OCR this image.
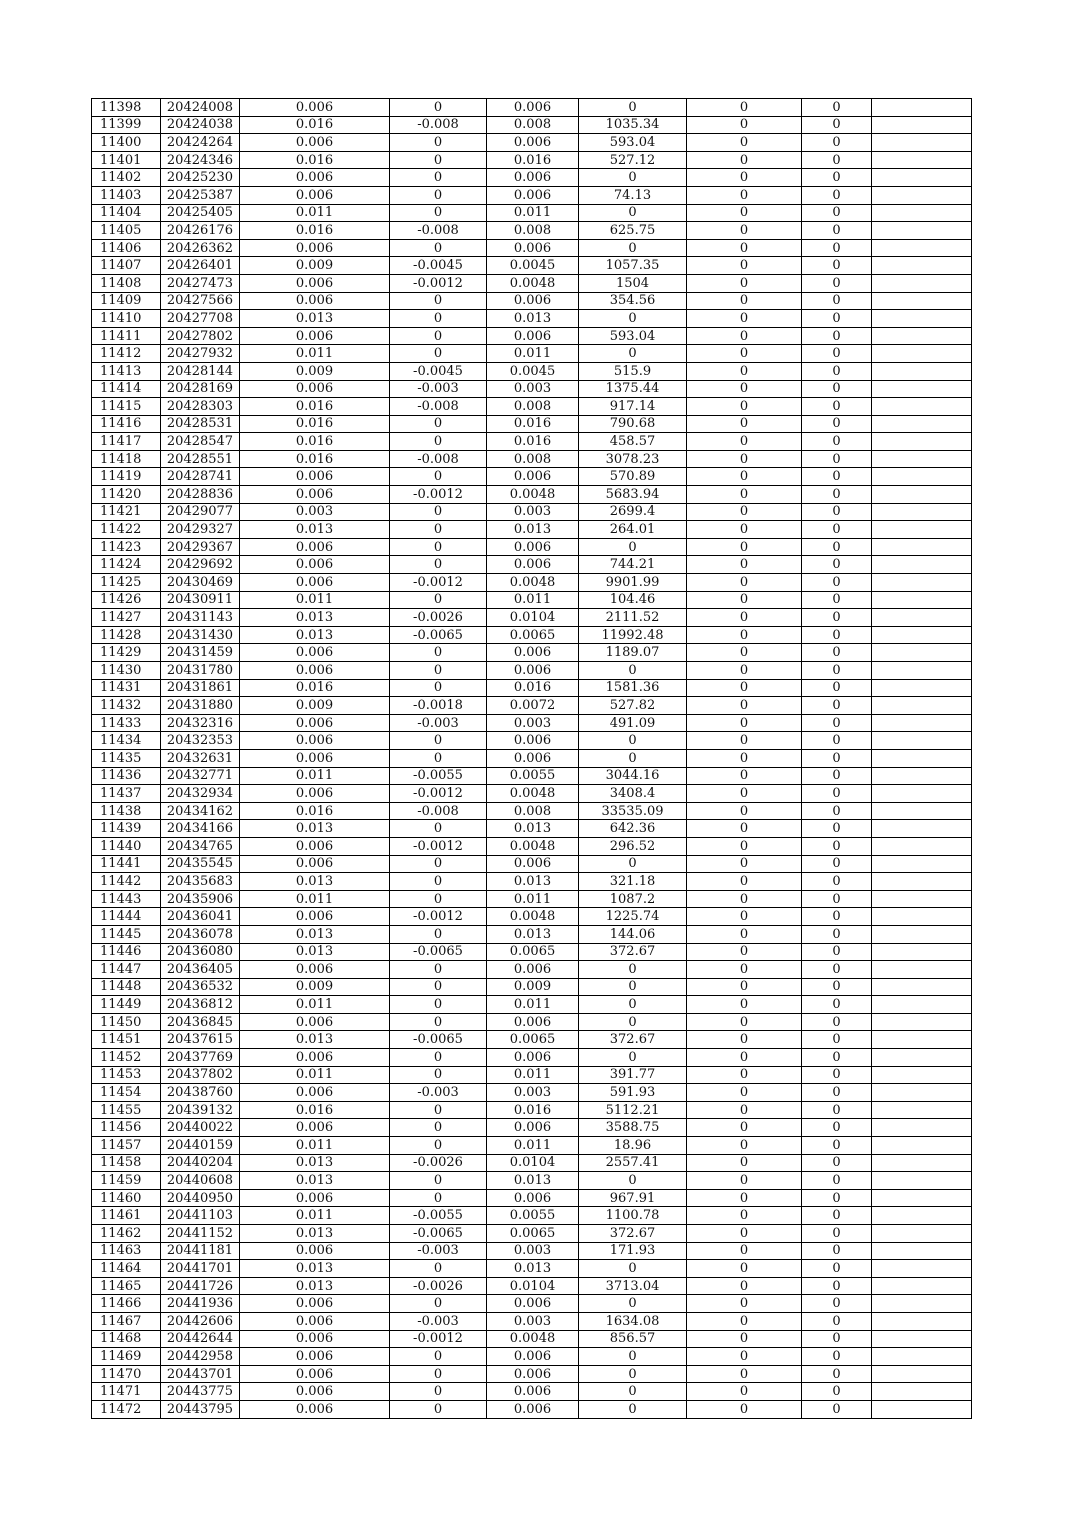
11398	20424008	0.006	0	0.006	0	0	0	
11399	20424038	0.016	-0.008	0.008	1035.34	0	0	
11400	20424264	0.006	0	0.006	593.04	0	0	
11401	20424346	0.016	0	0.016	527.12	0	0	
11402	20425230	0.006	0	0.006	0	0	0	
11403	20425387	0.006	0	0.006	74.13	0	0	
11404	20425405	0.011	0	0.011	0	0	0	
11405	20426176	0.016	-0.008	0.008	625.75	0	0	
11406	20426362	0.006	0	0.006	0	0	0	
11407	20426401	0.009	-0.0045	0.0045	1057.35	0	0	
11408	20427473	0.006	-0.0012	0.0048	1504	0	0	
11409	20427566	0.006	0	0.006	354.56	0	0	
11410	20427708	0.013	0	0.013	0	0	0	
11411	20427802	0.006	0	0.006	593.04	0	0	
11412	20427932	0.011	0	0.011	0	0	0	
11413	20428144	0.009	-0.0045	0.0045	515.9	0	0	
11414	20428169	0.006	-0.003	0.003	1375.44	0	0	
11415	20428303	0.016	-0.008	0.008	917.14	0	0	
11416	20428531	0.016	0	0.016	790.68	0	0	
11417	20428547	0.016	0	0.016	458.57	0	0	
11418	20428551	0.016	-0.008	0.008	3078.23	0	0	
11419	20428741	0.006	0	0.006	570.89	0	0	
11420	20428836	0.006	-0.0012	0.0048	5683.94	0	0	
11421	20429077	0.003	0	0.003	2699.4	0	0	
11422	20429327	0.013	0	0.013	264.01	0	0	
11423	20429367	0.006	0	0.006	0	0	0	
11424	20429692	0.006	0	0.006	744.21	0	0	
11425	20430469	0.006	-0.0012	0.0048	9901.99	0	0	
11426	20430911	0.011	0	0.011	104.46	0	0	
11427	20431143	0.013	-0.0026	0.0104	2111.52	0	0	
11428	20431430	0.013	-0.0065	0.0065	11992.48	0	0	
11429	20431459	0.006	0	0.006	1189.07	0	0	
11430	20431780	0.006	0	0.006	0	0	0	
11431	20431861	0.016	0	0.016	1581.36	0	0	
11432	20431880	0.009	-0.0018	0.0072	527.82	0	0	
11433	20432316	0.006	-0.003	0.003	491.09	0	0	
11434	20432353	0.006	0	0.006	0	0	0	
11435	20432631	0.006	0	0.006	0	0	0	
11436	20432771	0.011	-0.0055	0.0055	3044.16	0	0	
11437	20432934	0.006	-0.0012	0.0048	3408.4	0	0	
11438	20434162	0.016	-0.008	0.008	33535.09	0	0	
11439	20434166	0.013	0	0.013	642.36	0	0	
11440	20434765	0.006	-0.0012	0.0048	296.52	0	0	
11441	20435545	0.006	0	0.006	0	0	0	
11442	20435683	0.013	0	0.013	321.18	0	0	
11443	20435906	0.011	0	0.011	1087.2	0	0	
11444	20436041	0.006	-0.0012	0.0048	1225.74	0	0	
11445	20436078	0.013	0	0.013	144.06	0	0	
11446	20436080	0.013	-0.0065	0.0065	372.67	0	0	
11447	20436405	0.006	0	0.006	0	0	0	
11448	20436532	0.009	0	0.009	0	0	0	
11449	20436812	0.011	0	0.011	0	0	0	
11450	20436845	0.006	0	0.006	0	0	0	
11451	20437615	0.013	-0.0065	0.0065	372.67	0	0	
11452	20437769	0.006	0	0.006	0	0	0	
11453	20437802	0.011	0	0.011	391.77	0	0	
11454	20438760	0.006	-0.003	0.003	591.93	0	0	
11455	20439132	0.016	0	0.016	5112.21	0	0	
11456	20440022	0.006	0	0.006	3588.75	0	0	
11457	20440159	0.011	0	0.011	18.96	0	0	
11458	20440204	0.013	-0.0026	0.0104	2557.41	0	0	
11459	20440608	0.013	0	0.013	0	0	0	
11460	20440950	0.006	0	0.006	967.91	0	0	
11461	20441103	0.011	-0.0055	0.0055	1100.78	0	0	
11462	20441152	0.013	-0.0065	0.0065	372.67	0	0	
11463	20441181	0.006	-0.003	0.003	171.93	0	0	
11464	20441701	0.013	0	0.013	0	0	0	
11465	20441726	0.013	-0.0026	0.0104	3713.04	0	0	
11466	20441936	0.006	0	0.006	0	0	0	
11467	20442606	0.006	-0.003	0.003	1634.08	0	0	
11468	20442644	0.006	-0.0012	0.0048	856.57	0	0	
11469	20442958	0.006	0	0.006	0	0	0	
11470	20443701	0.006	0	0.006	0	0	0	
11471	20443775	0.006	0	0.006	0	0	0	
11472	20443795	0.006	0	0.006	0	0	0	
